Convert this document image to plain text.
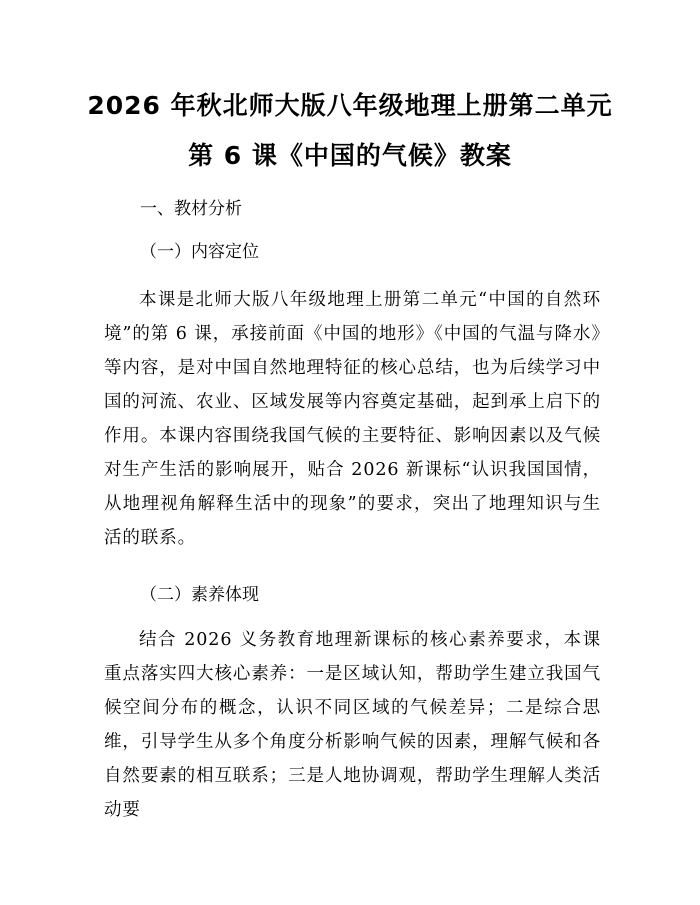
2026 年秋北师大版八年级地理上册第二单元
第 6 课《中国的气候》教案
一、教材分析
（一）内容定位
本课是北师大版八年级地理上册第二单元“中国的自然环境”的第 6 课，承接前面《中国的地形》《中国的气温与降水》等内容，是对中国自然地理特征的核心总结，也为后续学习中国的河流、农业、区域发展等内容奠定基础，起到承上启下的作用。本课内容围绕我国气候的主要特征、影响因素以及气候对生产生活的影响展开，贴合 2026 新课标“认识我国国情，从地理视角解释生活中的现象”的要求，突出了地理知识与生活的联系。
（二）素养体现
结合 2026 义务教育地理新课标的核心素养要求，本课重点落实四大核心素养：一是区域认知，帮助学生建立我国气候空间分布的概念，认识不同区域的气候差异；二是综合思维，引导学生从多个角度分析影响气候的因素，理解气候和各自然要素的相互联系；三是人地协调观，帮助学生理解人类活动要
